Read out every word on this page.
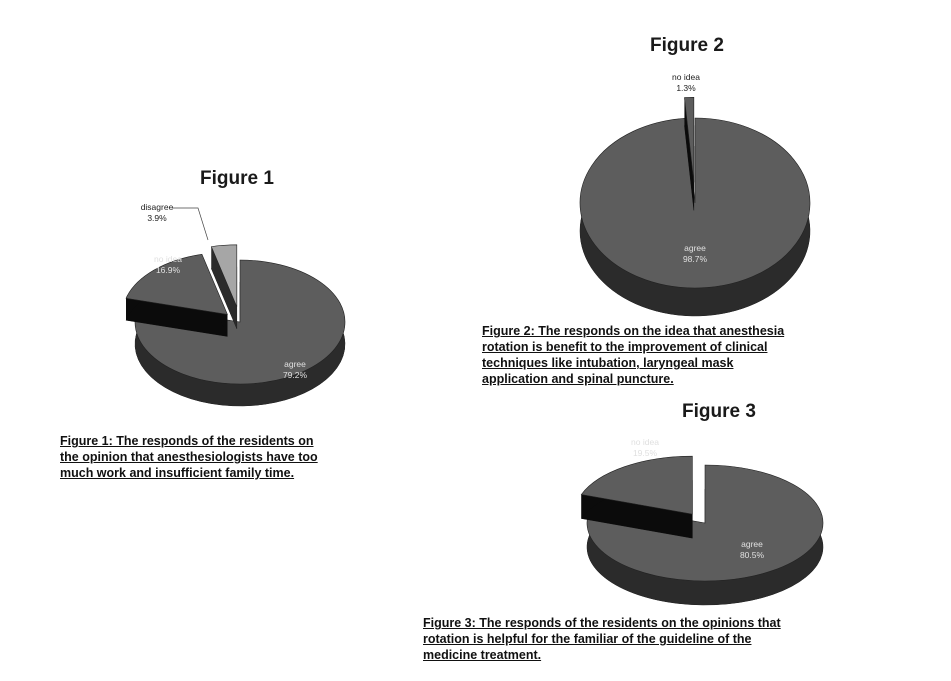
Figure 1
agree
79.2%
no idea
16.9%
disagree
3.9%
Figure 1: The responds of the residents on
the opinion that anesthesiologists have too
much work and insufficient family time.
Figure 2
agree
98.7%
no idea
1.3%
Figure 2: The responds on the idea that anesthesia
rotation is benefit to the improvement of clinical
techniques like intubation, laryngeal mask
application and spinal puncture.
Figure 3
agree
80.5%
no idea
19.5%
Figure 3: The responds of the residents on the opinions that
rotation is helpful for the familiar of the guideline of the
medicine treatment.
